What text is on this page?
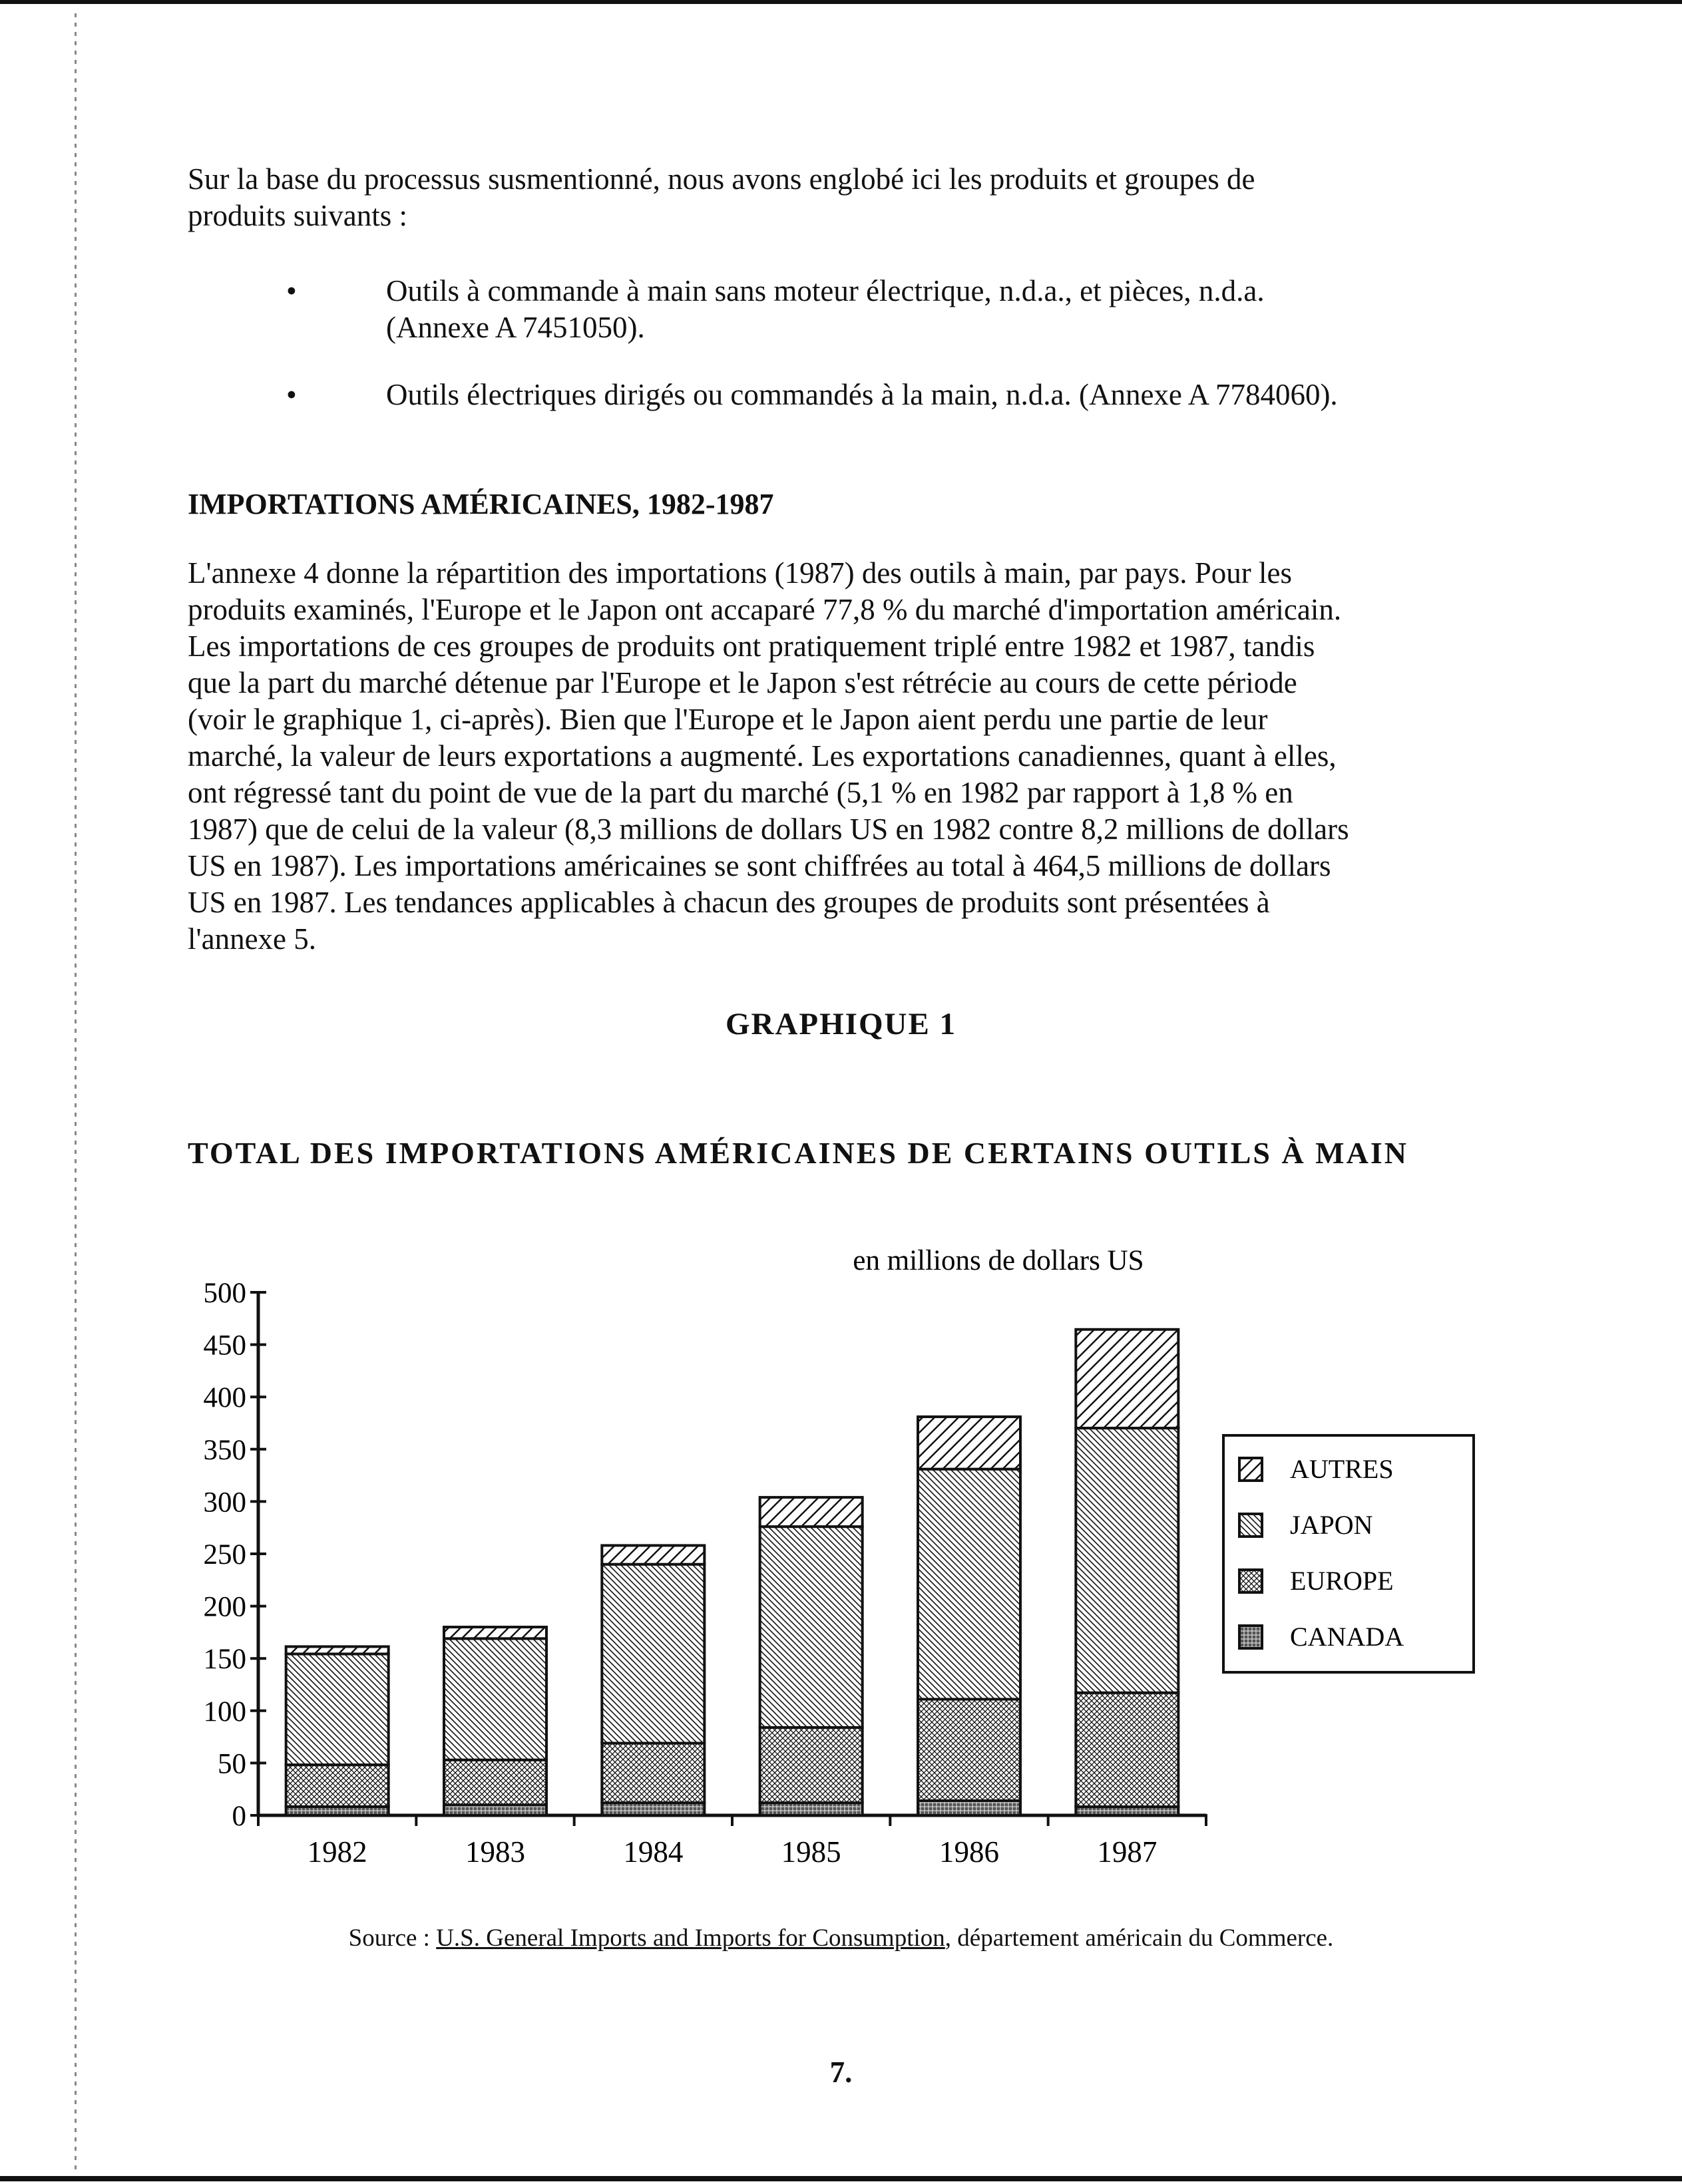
Sur la base du processus susmentionné, nous avons englobé ici les produits et groupes de
produits suivants :
•	Outils à commande à main sans moteur électrique, n.d.a., et pièces, n.d.a.
(Annexe A 7451050).
•	Outils électriques dirigés ou commandés à la main, n.d.a. (Annexe A 7784060).
IMPORTATIONS AMÉRICAINES, 1982-1987
L'annexe 4 donne la répartition des importations (1987) des outils à main, par pays. Pour les
produits examinés, l'Europe et le Japon ont accaparé 77,8 % du marché d'importation américain.
Les importations de ces groupes de produits ont pratiquement triplé entre 1982 et 1987, tandis
que la part du marché détenue par l'Europe et le Japon s'est rétrécie au cours de cette période
(voir le graphique 1, ci-après). Bien que l'Europe et le Japon aient perdu une partie de leur
marché, la valeur de leurs exportations a augmenté. Les exportations canadiennes, quant à elles,
ont régressé tant du point de vue de la part du marché (5,1 % en 1982 par rapport à 1,8 % en
1987) que de celui de la valeur (8,3 millions de dollars US en 1982 contre 8,2 millions de dollars
US en 1987). Les importations américaines se sont chiffrées au total à 464,5 millions de dollars
US en 1987. Les tendances applicables à chacun des groupes de produits sont présentées à
l'annexe 5.
GRAPHIQUE 1
TOTAL DES IMPORTATIONS AMÉRICAINES DE CERTAINS OUTILS À MAIN
en millions de dollars US
0
50
100
150
200
250
300
350
400
450
500
1982	1983	1984	1985	1986	1987
AUTRES
JAPON
EUROPE
CANADA
Source : U.S. General Imports and Imports for Consumption, département américain du Commerce.
7.
